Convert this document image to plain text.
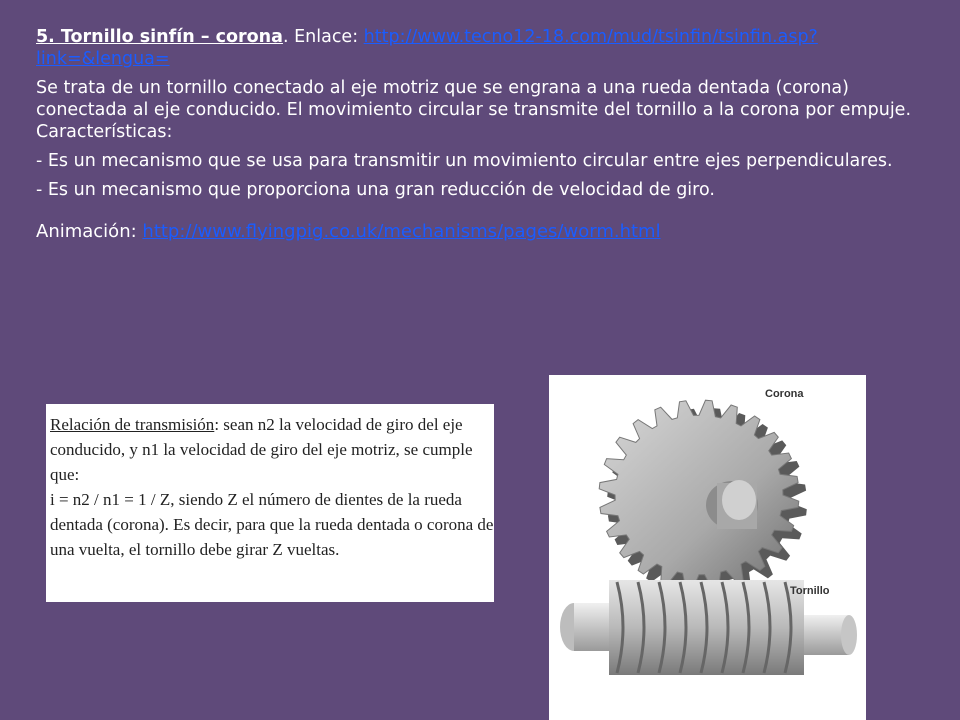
5. Tornillo sinfín – corona. Enlace: http://www.tecno12-18.com/mud/tsinfin/tsinfin.asp?link=&lengua=

Se trata de un tornillo conectado al eje motriz que se engrana a una rueda dentada (corona) conectada al eje conducido. El movimiento circular se transmite del tornillo a la corona por empuje. Características:

- Es un mecanismo que se usa para transmitir un movimiento circular entre ejes perpendiculares.

- Es un mecanismo que proporciona una gran reducción de velocidad de giro.

Animación: http://www.flyingpig.co.uk/mechanisms/pages/worm.html

Relación de transmisión: sean n2 la velocidad de giro del eje conducido, y n1 la velocidad de giro del eje motriz, se cumple que:
i = n2 / n1 = 1 / Z, siendo Z el número de dientes de la rueda dentada (corona). Es decir, para que la rueda dentada o corona de una vuelta, el tornillo debe girar Z vueltas.
Corona
Tornillo
